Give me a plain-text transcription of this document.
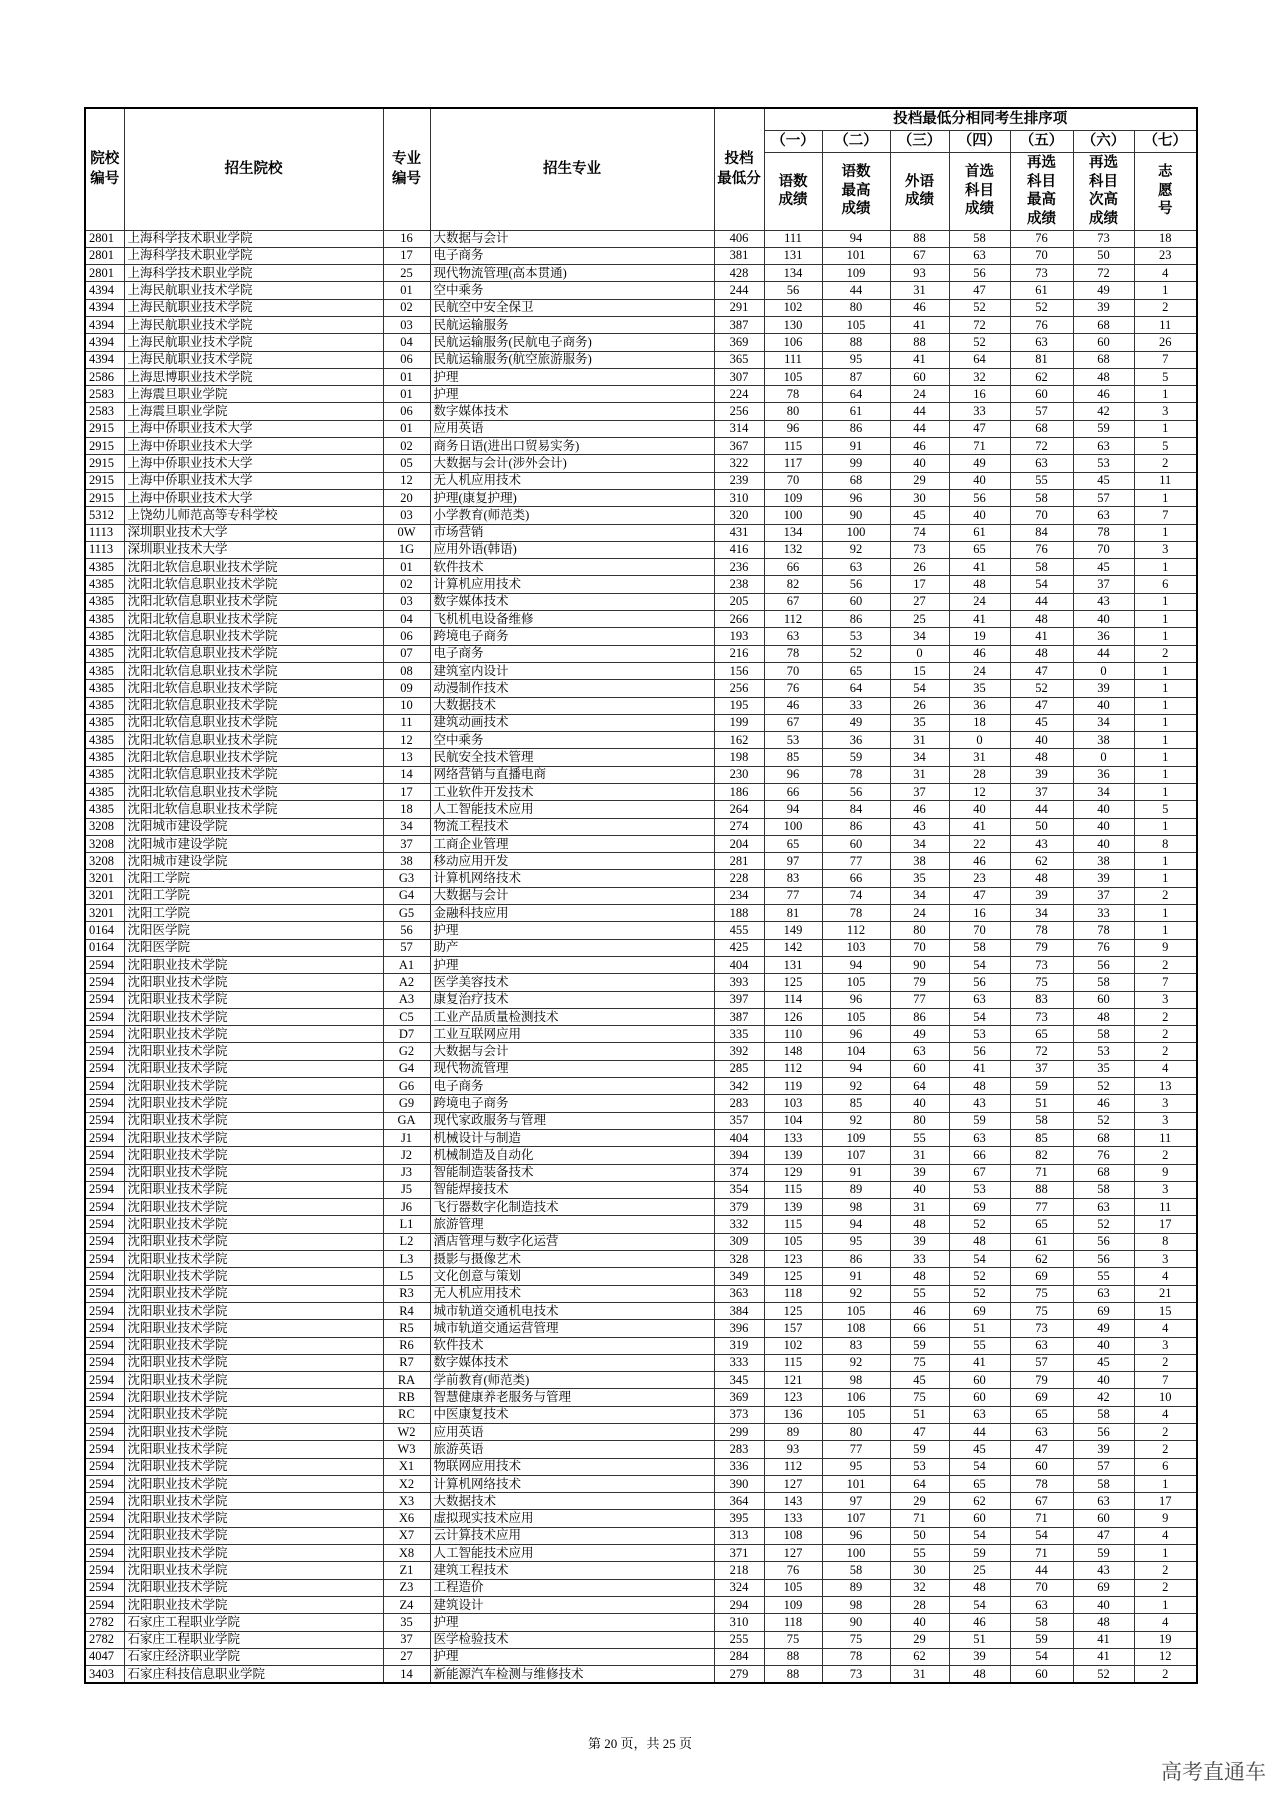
院校编号	招生院校	专业编号	招生专业	投档
最低分	投档最低分相同考生排序项						
					（一）	（二）	（三）	（四）	（五）	（六）	（七）
					语数成绩	语数最高成绩	外语成绩	首选科目成绩	再选科目最高成绩	再选科目次高成绩	志愿号
2801	上海科学技术职业学院	16	大数据与会计	406	111	94	88	58	76	73	18
2801	上海科学技术职业学院	17	电子商务	381	131	101	67	63	70	50	23
2801	上海科学技术职业学院	25	现代物流管理(高本贯通)	428	134	109	93	56	73	72	4
4394	上海民航职业技术学院	01	空中乘务	244	56	44	31	47	61	49	1
4394	上海民航职业技术学院	02	民航空中安全保卫	291	102	80	46	52	52	39	2
4394	上海民航职业技术学院	03	民航运输服务	387	130	105	41	72	76	68	11
4394	上海民航职业技术学院	04	民航运输服务(民航电子商务)	369	106	88	88	52	63	60	26
4394	上海民航职业技术学院	06	民航运输服务(航空旅游服务)	365	111	95	41	64	81	68	7
2586	上海思博职业技术学院	01	护理	307	105	87	60	32	62	48	5
2583	上海震旦职业学院	01	护理	224	78	64	24	16	60	46	1
2583	上海震旦职业学院	06	数字媒体技术	256	80	61	44	33	57	42	3
2915	上海中侨职业技术大学	01	应用英语	314	96	86	44	47	68	59	1
2915	上海中侨职业技术大学	02	商务日语(进出口贸易实务)	367	115	91	46	71	72	63	5
2915	上海中侨职业技术大学	05	大数据与会计(涉外会计)	322	117	99	40	49	63	53	2
2915	上海中侨职业技术大学	12	无人机应用技术	239	70	68	29	40	55	45	11
2915	上海中侨职业技术大学	20	护理(康复护理)	310	109	96	30	56	58	57	1
5312	上饶幼儿师范高等专科学校	03	小学教育(师范类)	320	100	90	45	40	70	63	7
1113	深圳职业技术大学	0W	市场营销	431	134	100	74	61	84	78	1
1113	深圳职业技术大学	1G	应用外语(韩语)	416	132	92	73	65	76	70	3
4385	沈阳北软信息职业技术学院	01	软件技术	236	66	63	26	41	58	45	1
4385	沈阳北软信息职业技术学院	02	计算机应用技术	238	82	56	17	48	54	37	6
4385	沈阳北软信息职业技术学院	03	数字媒体技术	205	67	60	27	24	44	43	1
4385	沈阳北软信息职业技术学院	04	飞机机电设备维修	266	112	86	25	41	48	40	1
4385	沈阳北软信息职业技术学院	06	跨境电子商务	193	63	53	34	19	41	36	1
4385	沈阳北软信息职业技术学院	07	电子商务	216	78	52	0	46	48	44	2
4385	沈阳北软信息职业技术学院	08	建筑室内设计	156	70	65	15	24	47	0	1
4385	沈阳北软信息职业技术学院	09	动漫制作技术	256	76	64	54	35	52	39	1
4385	沈阳北软信息职业技术学院	10	大数据技术	195	46	33	26	36	47	40	1
4385	沈阳北软信息职业技术学院	11	建筑动画技术	199	67	49	35	18	45	34	1
4385	沈阳北软信息职业技术学院	12	空中乘务	162	53	36	31	0	40	38	1
4385	沈阳北软信息职业技术学院	13	民航安全技术管理	198	85	59	34	31	48	0	1
4385	沈阳北软信息职业技术学院	14	网络营销与直播电商	230	96	78	31	28	39	36	1
4385	沈阳北软信息职业技术学院	17	工业软件开发技术	186	66	56	37	12	37	34	1
4385	沈阳北软信息职业技术学院	18	人工智能技术应用	264	94	84	46	40	44	40	5
3208	沈阳城市建设学院	34	物流工程技术	274	100	86	43	41	50	40	1
3208	沈阳城市建设学院	37	工商企业管理	204	65	60	34	22	43	40	8
3208	沈阳城市建设学院	38	移动应用开发	281	97	77	38	46	62	38	1
3201	沈阳工学院	G3	计算机网络技术	228	83	66	35	23	48	39	1
3201	沈阳工学院	G4	大数据与会计	234	77	74	34	47	39	37	2
3201	沈阳工学院	G5	金融科技应用	188	81	78	24	16	34	33	1
0164	沈阳医学院	56	护理	455	149	112	80	70	78	78	1
0164	沈阳医学院	57	助产	425	142	103	70	58	79	76	9
2594	沈阳职业技术学院	A1	护理	404	131	94	90	54	73	56	2
2594	沈阳职业技术学院	A2	医学美容技术	393	125	105	79	56	75	58	7
2594	沈阳职业技术学院	A3	康复治疗技术	397	114	96	77	63	83	60	3
2594	沈阳职业技术学院	C5	工业产品质量检测技术	387	126	105	86	54	73	48	2
2594	沈阳职业技术学院	D7	工业互联网应用	335	110	96	49	53	65	58	2
2594	沈阳职业技术学院	G2	大数据与会计	392	148	104	63	56	72	53	2
2594	沈阳职业技术学院	G4	现代物流管理	285	112	94	60	41	37	35	4
2594	沈阳职业技术学院	G6	电子商务	342	119	92	64	48	59	52	13
2594	沈阳职业技术学院	G9	跨境电子商务	283	103	85	40	43	51	46	3
2594	沈阳职业技术学院	GA	现代家政服务与管理	357	104	92	80	59	58	52	3
2594	沈阳职业技术学院	J1	机械设计与制造	404	133	109	55	63	85	68	11
2594	沈阳职业技术学院	J2	机械制造及自动化	394	139	107	31	66	82	76	2
2594	沈阳职业技术学院	J3	智能制造装备技术	374	129	91	39	67	71	68	9
2594	沈阳职业技术学院	J5	智能焊接技术	354	115	89	40	53	88	58	3
2594	沈阳职业技术学院	J6	飞行器数字化制造技术	379	139	98	31	69	77	63	11
2594	沈阳职业技术学院	L1	旅游管理	332	115	94	48	52	65	52	17
2594	沈阳职业技术学院	L2	酒店管理与数字化运营	309	105	95	39	48	61	56	8
2594	沈阳职业技术学院	L3	摄影与摄像艺术	328	123	86	33	54	62	56	3
2594	沈阳职业技术学院	L5	文化创意与策划	349	125	91	48	52	69	55	4
2594	沈阳职业技术学院	R3	无人机应用技术	363	118	92	55	52	75	63	21
2594	沈阳职业技术学院	R4	城市轨道交通机电技术	384	125	105	46	69	75	69	15
2594	沈阳职业技术学院	R5	城市轨道交通运营管理	396	157	108	66	51	73	49	4
2594	沈阳职业技术学院	R6	软件技术	319	102	83	59	55	63	40	3
2594	沈阳职业技术学院	R7	数字媒体技术	333	115	92	75	41	57	45	2
2594	沈阳职业技术学院	RA	学前教育(师范类)	345	121	98	45	60	79	40	7
2594	沈阳职业技术学院	RB	智慧健康养老服务与管理	369	123	106	75	60	69	42	10
2594	沈阳职业技术学院	RC	中医康复技术	373	136	105	51	63	65	58	4
2594	沈阳职业技术学院	W2	应用英语	299	89	80	47	44	63	56	2
2594	沈阳职业技术学院	W3	旅游英语	283	93	77	59	45	47	39	2
2594	沈阳职业技术学院	X1	物联网应用技术	336	112	95	53	54	60	57	6
2594	沈阳职业技术学院	X2	计算机网络技术	390	127	101	64	65	78	58	1
2594	沈阳职业技术学院	X3	大数据技术	364	143	97	29	62	67	63	17
2594	沈阳职业技术学院	X6	虚拟现实技术应用	395	133	107	71	60	71	60	9
2594	沈阳职业技术学院	X7	云计算技术应用	313	108	96	50	54	54	47	4
2594	沈阳职业技术学院	X8	人工智能技术应用	371	127	100	55	59	71	59	1
2594	沈阳职业技术学院	Z1	建筑工程技术	218	76	58	30	25	44	43	2
2594	沈阳职业技术学院	Z3	工程造价	324	105	89	32	48	70	69	2
2594	沈阳职业技术学院	Z4	建筑设计	294	109	98	28	54	63	40	1
2782	石家庄工程职业学院	35	护理	310	118	90	40	46	58	48	4
2782	石家庄工程职业学院	37	医学检验技术	255	75	75	29	51	59	41	19
4047	石家庄经济职业学院	27	护理	284	88	78	62	39	54	41	12
3403	石家庄科技信息职业学院	14	新能源汽车检测与维修技术	279	88	73	31	48	60	52	2
第 20 页，共 25 页
高考直通车
